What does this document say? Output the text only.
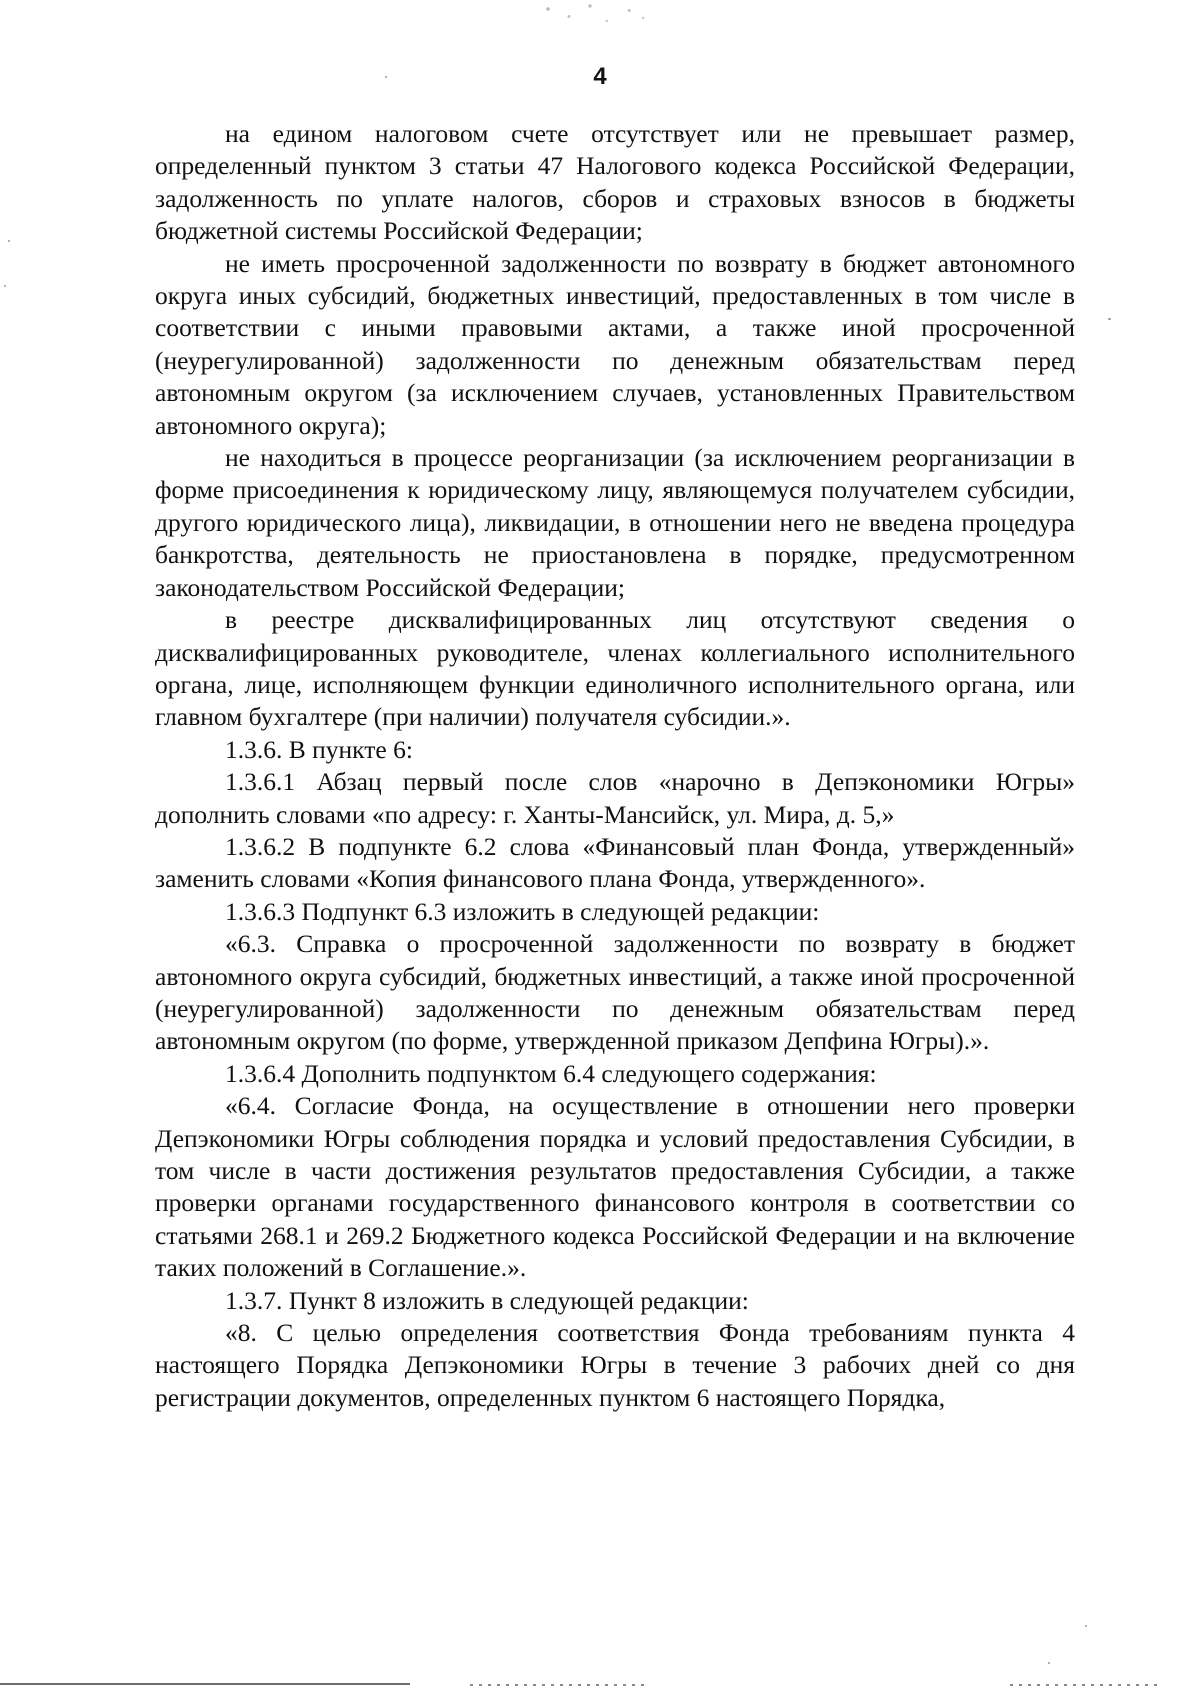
4

на едином налоговом счете отсутствует или не превышает размер, определенный пунктом 3 статьи 47 Налогового кодекса Российской Федерации, задолженность по уплате налогов, сборов и страховых взносов в бюджеты бюджетной системы Российской Федерации;

не иметь просроченной задолженности по возврату в бюджет автономного округа иных субсидий, бюджетных инвестиций, предоставленных в том числе в соответствии с иными правовыми актами, а также иной просроченной (неурегулированной) задолженности по денежным обязательствам перед автономным округом (за исключением случаев, установленных Правительством автономного округа);

не находиться в процессе реорганизации (за исключением реорганизации в форме присоединения к юридическому лицу, являющемуся получателем субсидии, другого юридического лица), ликвидации, в отношении него не введена процедура банкротства, деятельность не приостановлена в порядке, предусмотренном законодательством Российской Федерации;

в реестре дисквалифицированных лиц отсутствуют сведения о дисквалифицированных руководителе, членах коллегиального исполнительного органа, лице, исполняющем функции единоличного исполнительного органа, или главном бухгалтере (при наличии) получателя субсидии.».

1.3.6. В пункте 6:

1.3.6.1 Абзац первый после слов «нарочно в Депэкономики Югры» дополнить словами «по адресу: г. Ханты-Мансийск, ул. Мира, д. 5,»

1.3.6.2 В подпункте 6.2 слова «Финансовый план Фонда, утвержденный» заменить словами «Копия финансового плана Фонда, утвержденного».

1.3.6.3 Подпункт 6.3 изложить в следующей редакции:

«6.3. Справка о просроченной задолженности по возврату в бюджет автономного округа субсидий, бюджетных инвестиций, а также иной просроченной (неурегулированной) задолженности по денежным обязательствам перед автономным округом (по форме, утвержденной приказом Депфина Югры).».

1.3.6.4 Дополнить подпунктом 6.4 следующего содержания:

«6.4. Согласие Фонда, на осуществление в отношении него проверки Депэкономики Югры соблюдения порядка и условий предоставления Субсидии, в том числе в части достижения результатов предоставления Субсидии, а также проверки органами государственного финансового контроля в соответствии со статьями 268.1 и 269.2 Бюджетного кодекса Российской Федерации и на включение таких положений в Соглашение.».

1.3.7. Пункт 8 изложить в следующей редакции:

«8. С целью определения соответствия Фонда требованиям пункта 4 настоящего Порядка Депэкономики Югры в течение 3 рабочих дней со дня регистрации документов, определенных пунктом 6 настоящего Порядка,
